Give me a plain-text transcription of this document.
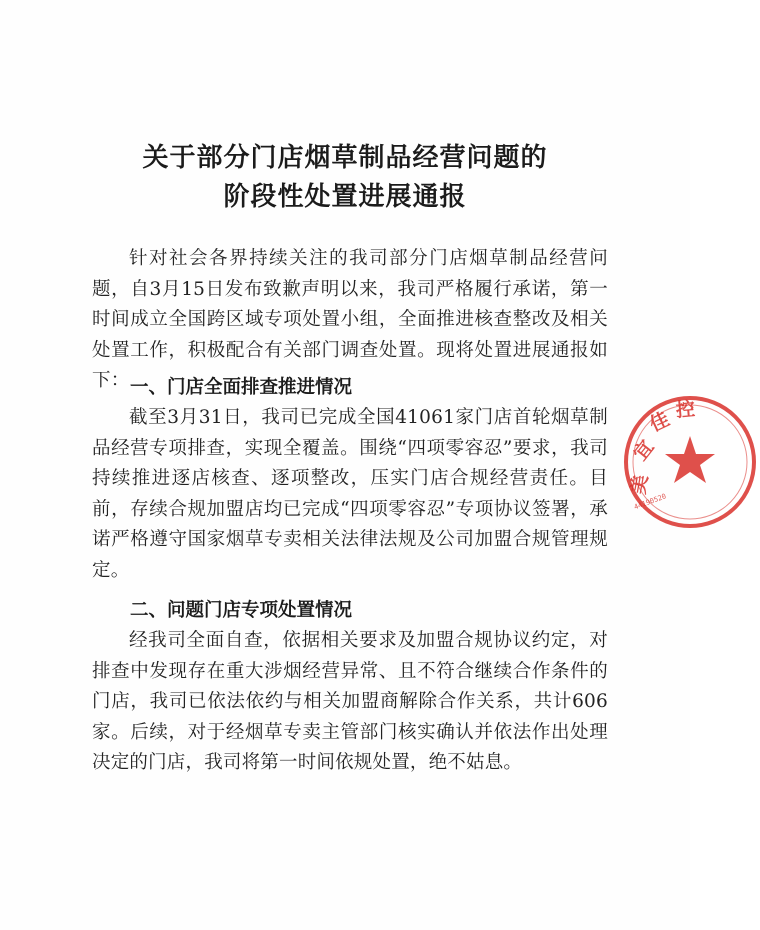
关于部分门店烟草制品经营问题的
阶段性处置进展通报
针对社会各界持续关注的我司部分门店烟草制品经营问题，自3月15日发布致歉声明以来，我司严格履行承诺，第一时间成立全国跨区域专项处置小组，全面推进核查整改及相关处置工作，积极配合有关部门调查处置。现将处置进展通报如下： 一、门店全面排查推进情况
截至3月31日，我司已完成全国41061家门店首轮烟草制品经营专项排查，实现全覆盖。围绕“四项零容忍”要求，我司持续推进逐店核查、逐项整改，压实门店合规经营责任。目前，存续合规加盟店均已完成“四项零容忍”专项协议签署，承诺严格遵守国家烟草专卖相关法律法规及公司加盟合规管理规定。
二、问题门店专项处置情况
经我司全面自查，依据相关要求及加盟合规协议约定，对排查中发现存在重大涉烟经营异常、且不符合继续合作条件的门店，我司已依法依约与相关加盟商解除合作关系，共计606家。后续，对于经烟草专卖主管部门核实确认并依法作出处理决定的门店，我司将第一时间依规处置，绝不姑息。
美
宜
佳 控
44190520
